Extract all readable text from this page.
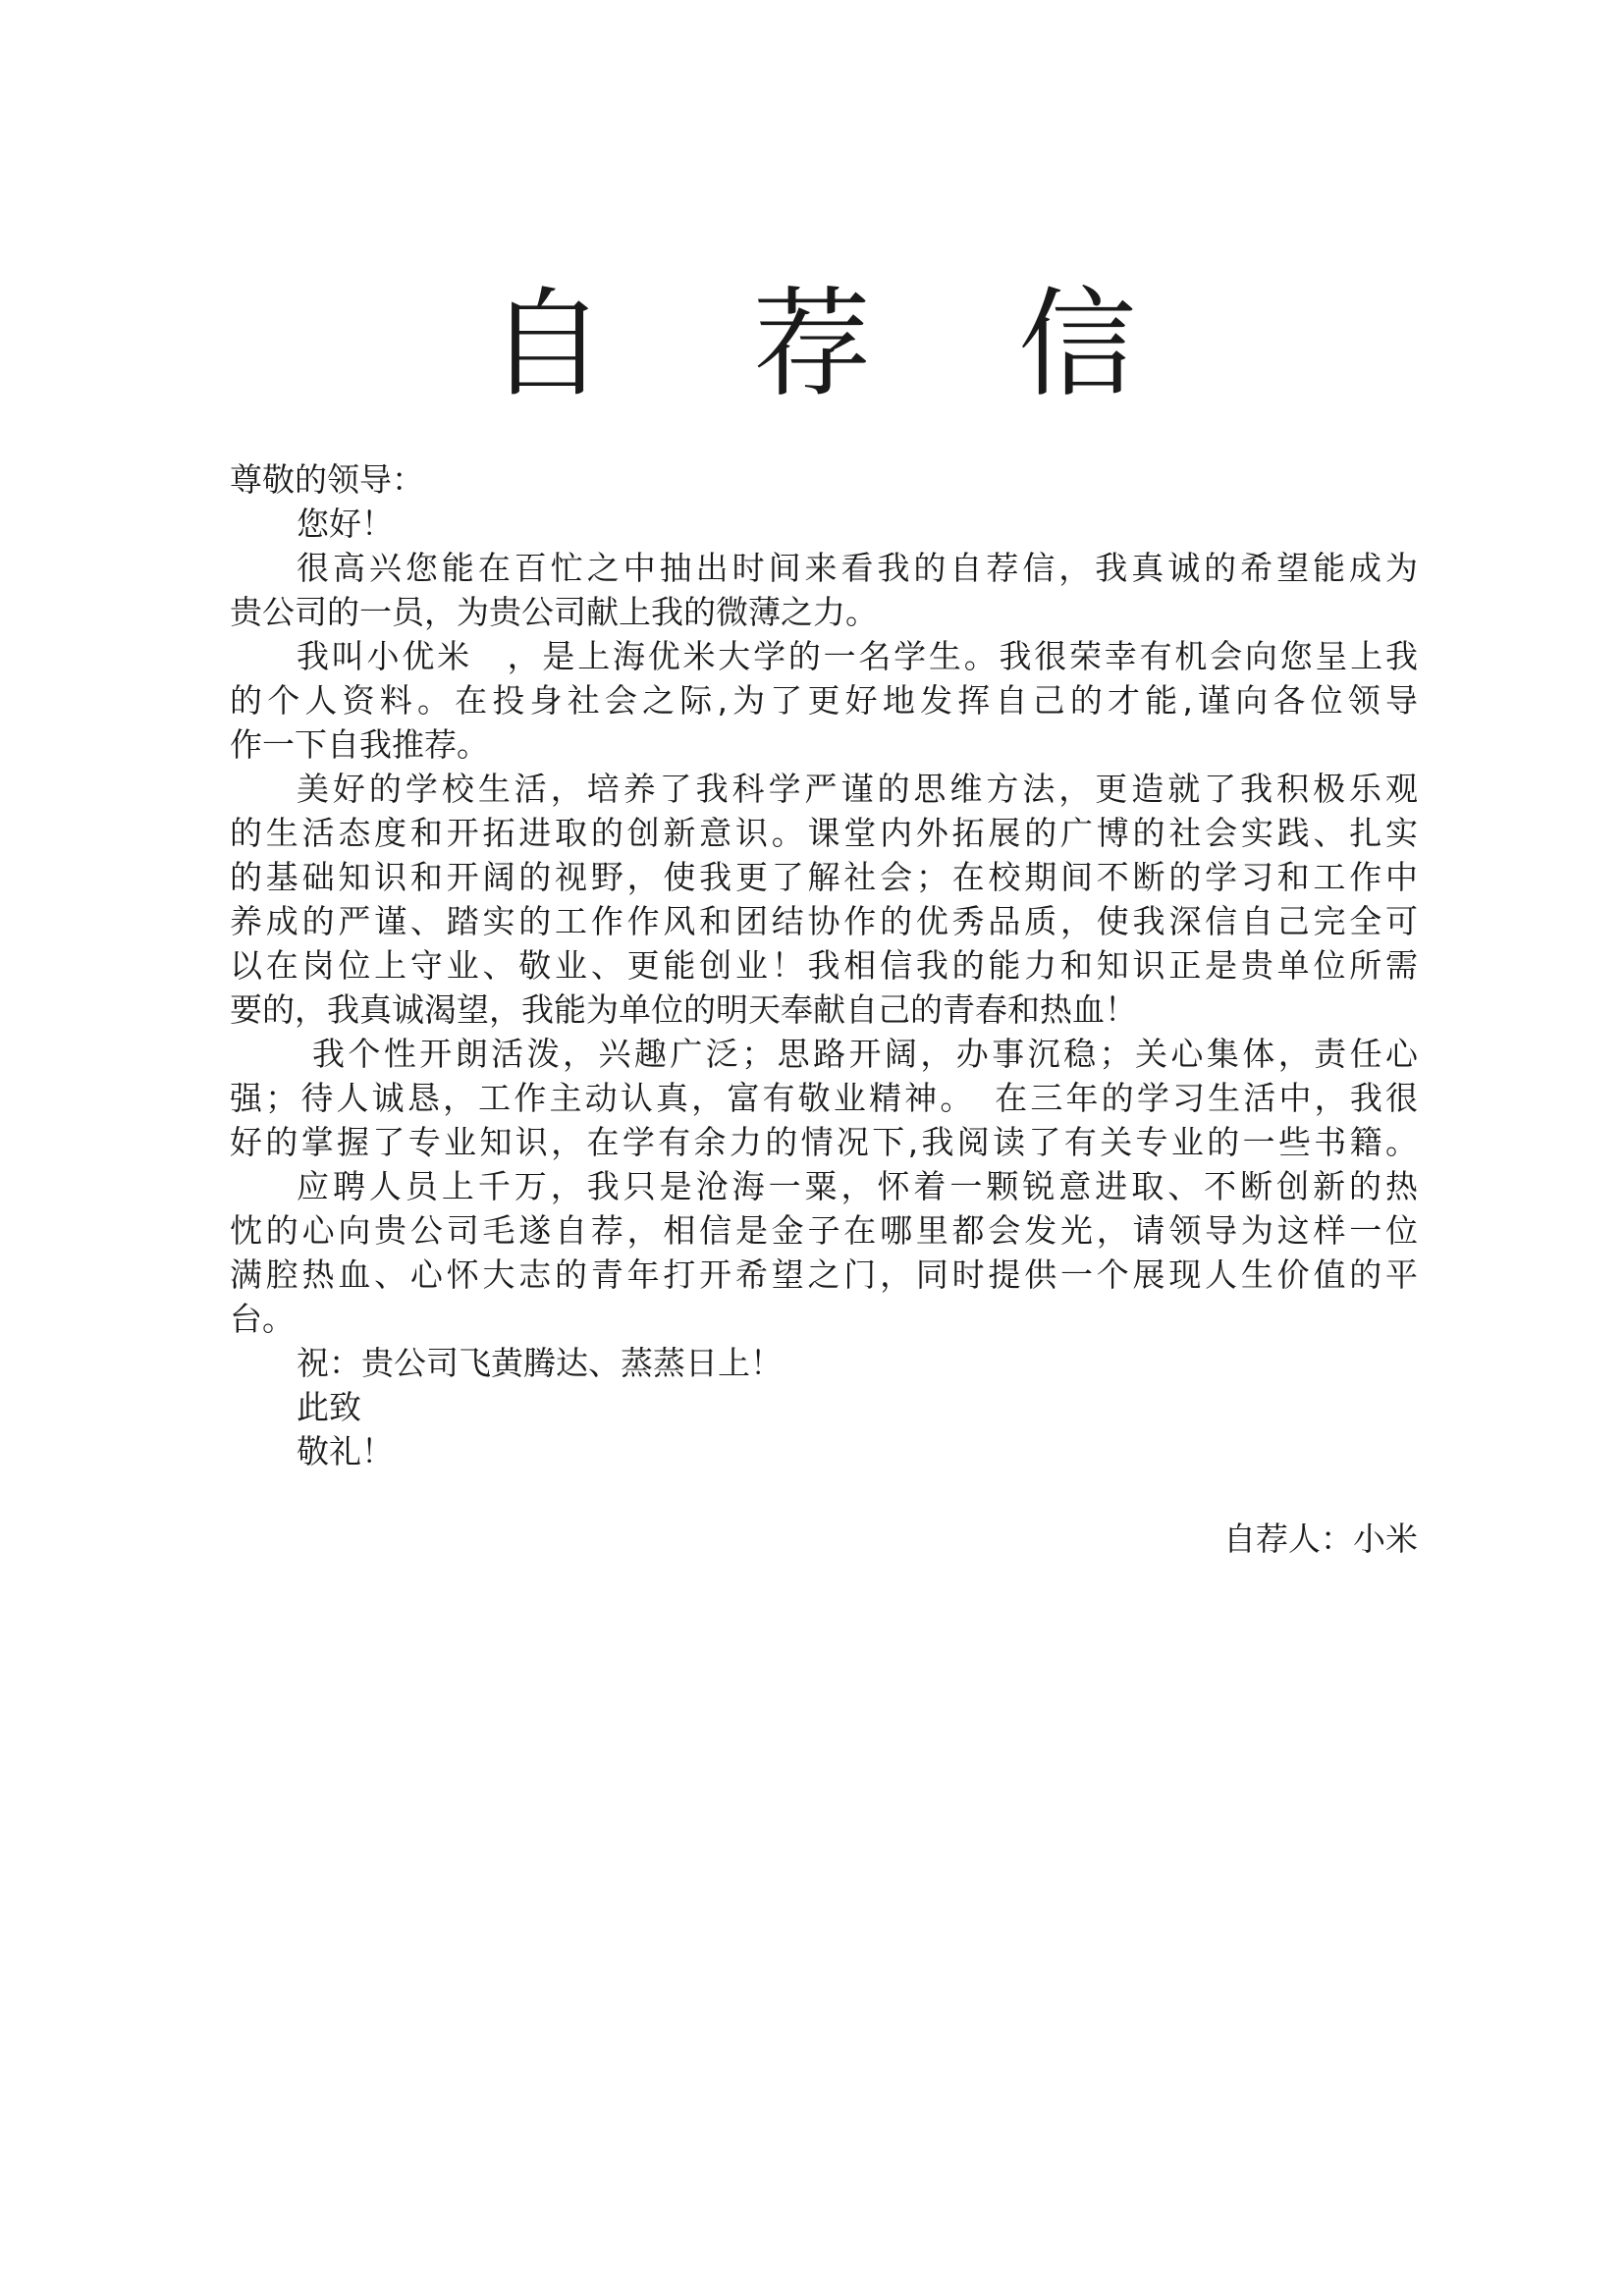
自 荐 信
尊敬的领导：
您好！
很高兴您能在百忙之中抽出时间来看我的自荐信，我真诚的希望能成为
贵公司的一员，为贵公司献上我的微薄之力。
我叫小优米　，是上海优米大学的一名学生。我很荣幸有机会向您呈上我
的个人资料。在投身社会之际,为了更好地发挥自己的才能,谨向各位领导
作一下自我推荐。
美好的学校生活，培养了我科学严谨的思维方法，更造就了我积极乐观
的生活态度和开拓进取的创新意识。课堂内外拓展的广博的社会实践、扎实
的基础知识和开阔的视野，使我更了解社会；在校期间不断的学习和工作中
养成的严谨、踏实的工作作风和团结协作的优秀品质，使我深信自己完全可
以在岗位上守业、敬业、更能创业！我相信我的能力和知识正是贵单位所需
要的，我真诚渴望，我能为单位的明天奉献自己的青春和热血！
我个性开朗活泼，兴趣广泛；思路开阔，办事沉稳；关心集体，责任心
强；待人诚恳，工作主动认真，富有敬业精神。　在三年的学习生活中，我很
好的掌握了专业知识，在学有余力的情况下,我阅读了有关专业的一些书籍。
应聘人员上千万，我只是沧海一粟，怀着一颗锐意进取、不断创新的热
忱的心向贵公司毛遂自荐，相信是金子在哪里都会发光，请领导为这样一位
满腔热血、心怀大志的青年打开希望之门，同时提供一个展现人生价值的平
台。
祝：贵公司飞黄腾达、蒸蒸日上！
此致
敬礼！
自荐人：小米
